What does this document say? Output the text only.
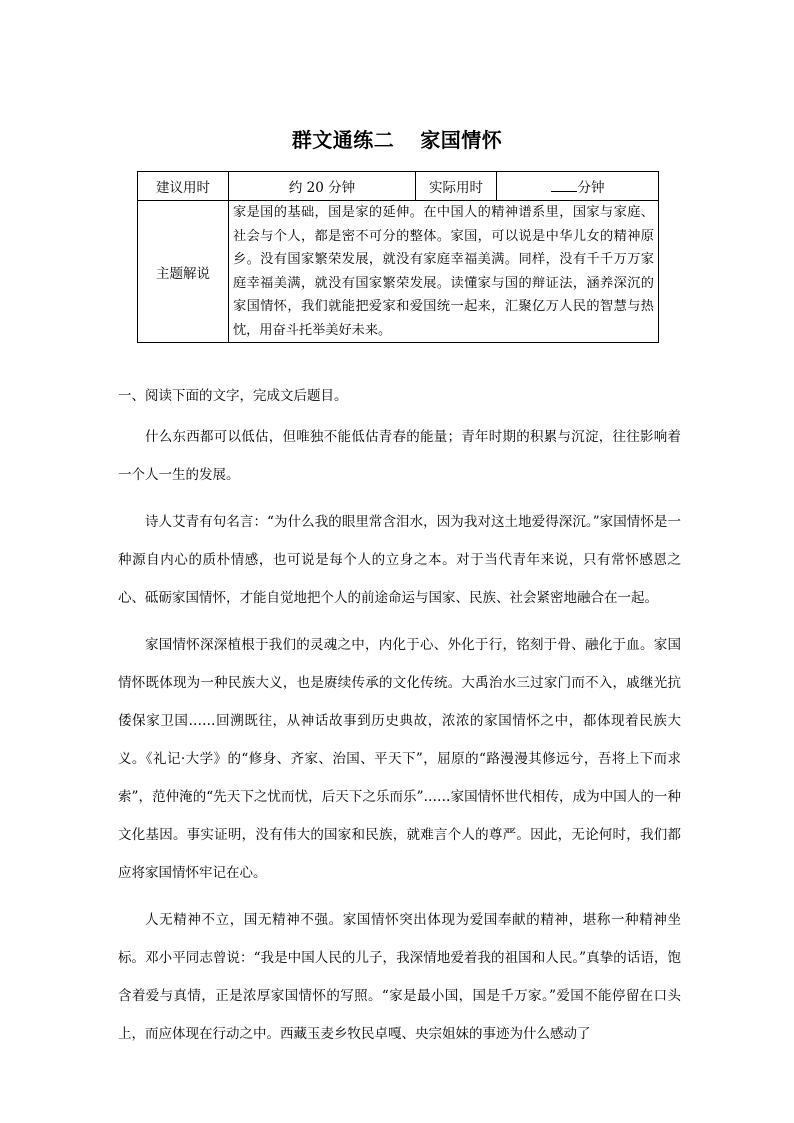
群文通练二 家国情怀
建议用时	约 20 分钟	实际用时	分钟
主题解说	家是国的基础，国是家的延伸。在中国人的精神谱系里，国家与家庭、社会与个人，都是密不可分的整体。家国，可以说是中华儿女的精神原乡。没有国家繁荣发展，就没有家庭幸福美满。同样，没有千千万万家庭幸福美满，就没有国家繁荣发展。读懂家与国的辩证法，涵养深沉的家国情怀，我们就能把爱家和爱国统一起来，汇聚亿万人民的智慧与热忱，用奋斗托举美好未来。		
一、阅读下面的文字，完成文后题目。

什么东西都可以低估，但唯独不能低估青春的能量；青年时期的积累与沉淀，往往影响着一个人一生的发展。

诗人艾青有句名言：“为什么我的眼里常含泪水，因为我对这土地爱得深沉。”家国情怀是一种源自内心的质朴情感，也可说是每个人的立身之本。对于当代青年来说，只有常怀感恩之心、砥砺家国情怀，才能自觉地把个人的前途命运与国家、民族、社会紧密地融合在一起。

家国情怀深深植根于我们的灵魂之中，内化于心、外化于行，铭刻于骨、融化于血。家国情怀既体现为一种民族大义，也是赓续传承的文化传统。大禹治水三过家门而不入，戚继光抗倭保家卫国……回溯既往，从神话故事到历史典故，浓浓的家国情怀之中，都体现着民族大义。《礼记·大学》的“修身、齐家、治国、平天下”，屈原的“路漫漫其修远兮，吾将上下而求索”，范仲淹的“先天下之忧而忧，后天下之乐而乐”……家国情怀世代相传，成为中国人的一种文化基因。事实证明，没有伟大的国家和民族，就难言个人的尊严。因此，无论何时，我们都应将家国情怀牢记在心。

人无精神不立，国无精神不强。家国情怀突出体现为爱国奉献的精神，堪称一种精神坐标。邓小平同志曾说：“我是中国人民的儿子，我深情地爱着我的祖国和人民。”真挚的话语，饱含着爱与真情，正是浓厚家国情怀的写照。“家是最小国，国是千万家。”爱国不能停留在口头上，而应体现在行动之中。西藏玉麦乡牧民卓嘎、央宗姐妹的事迹为什么感动了
